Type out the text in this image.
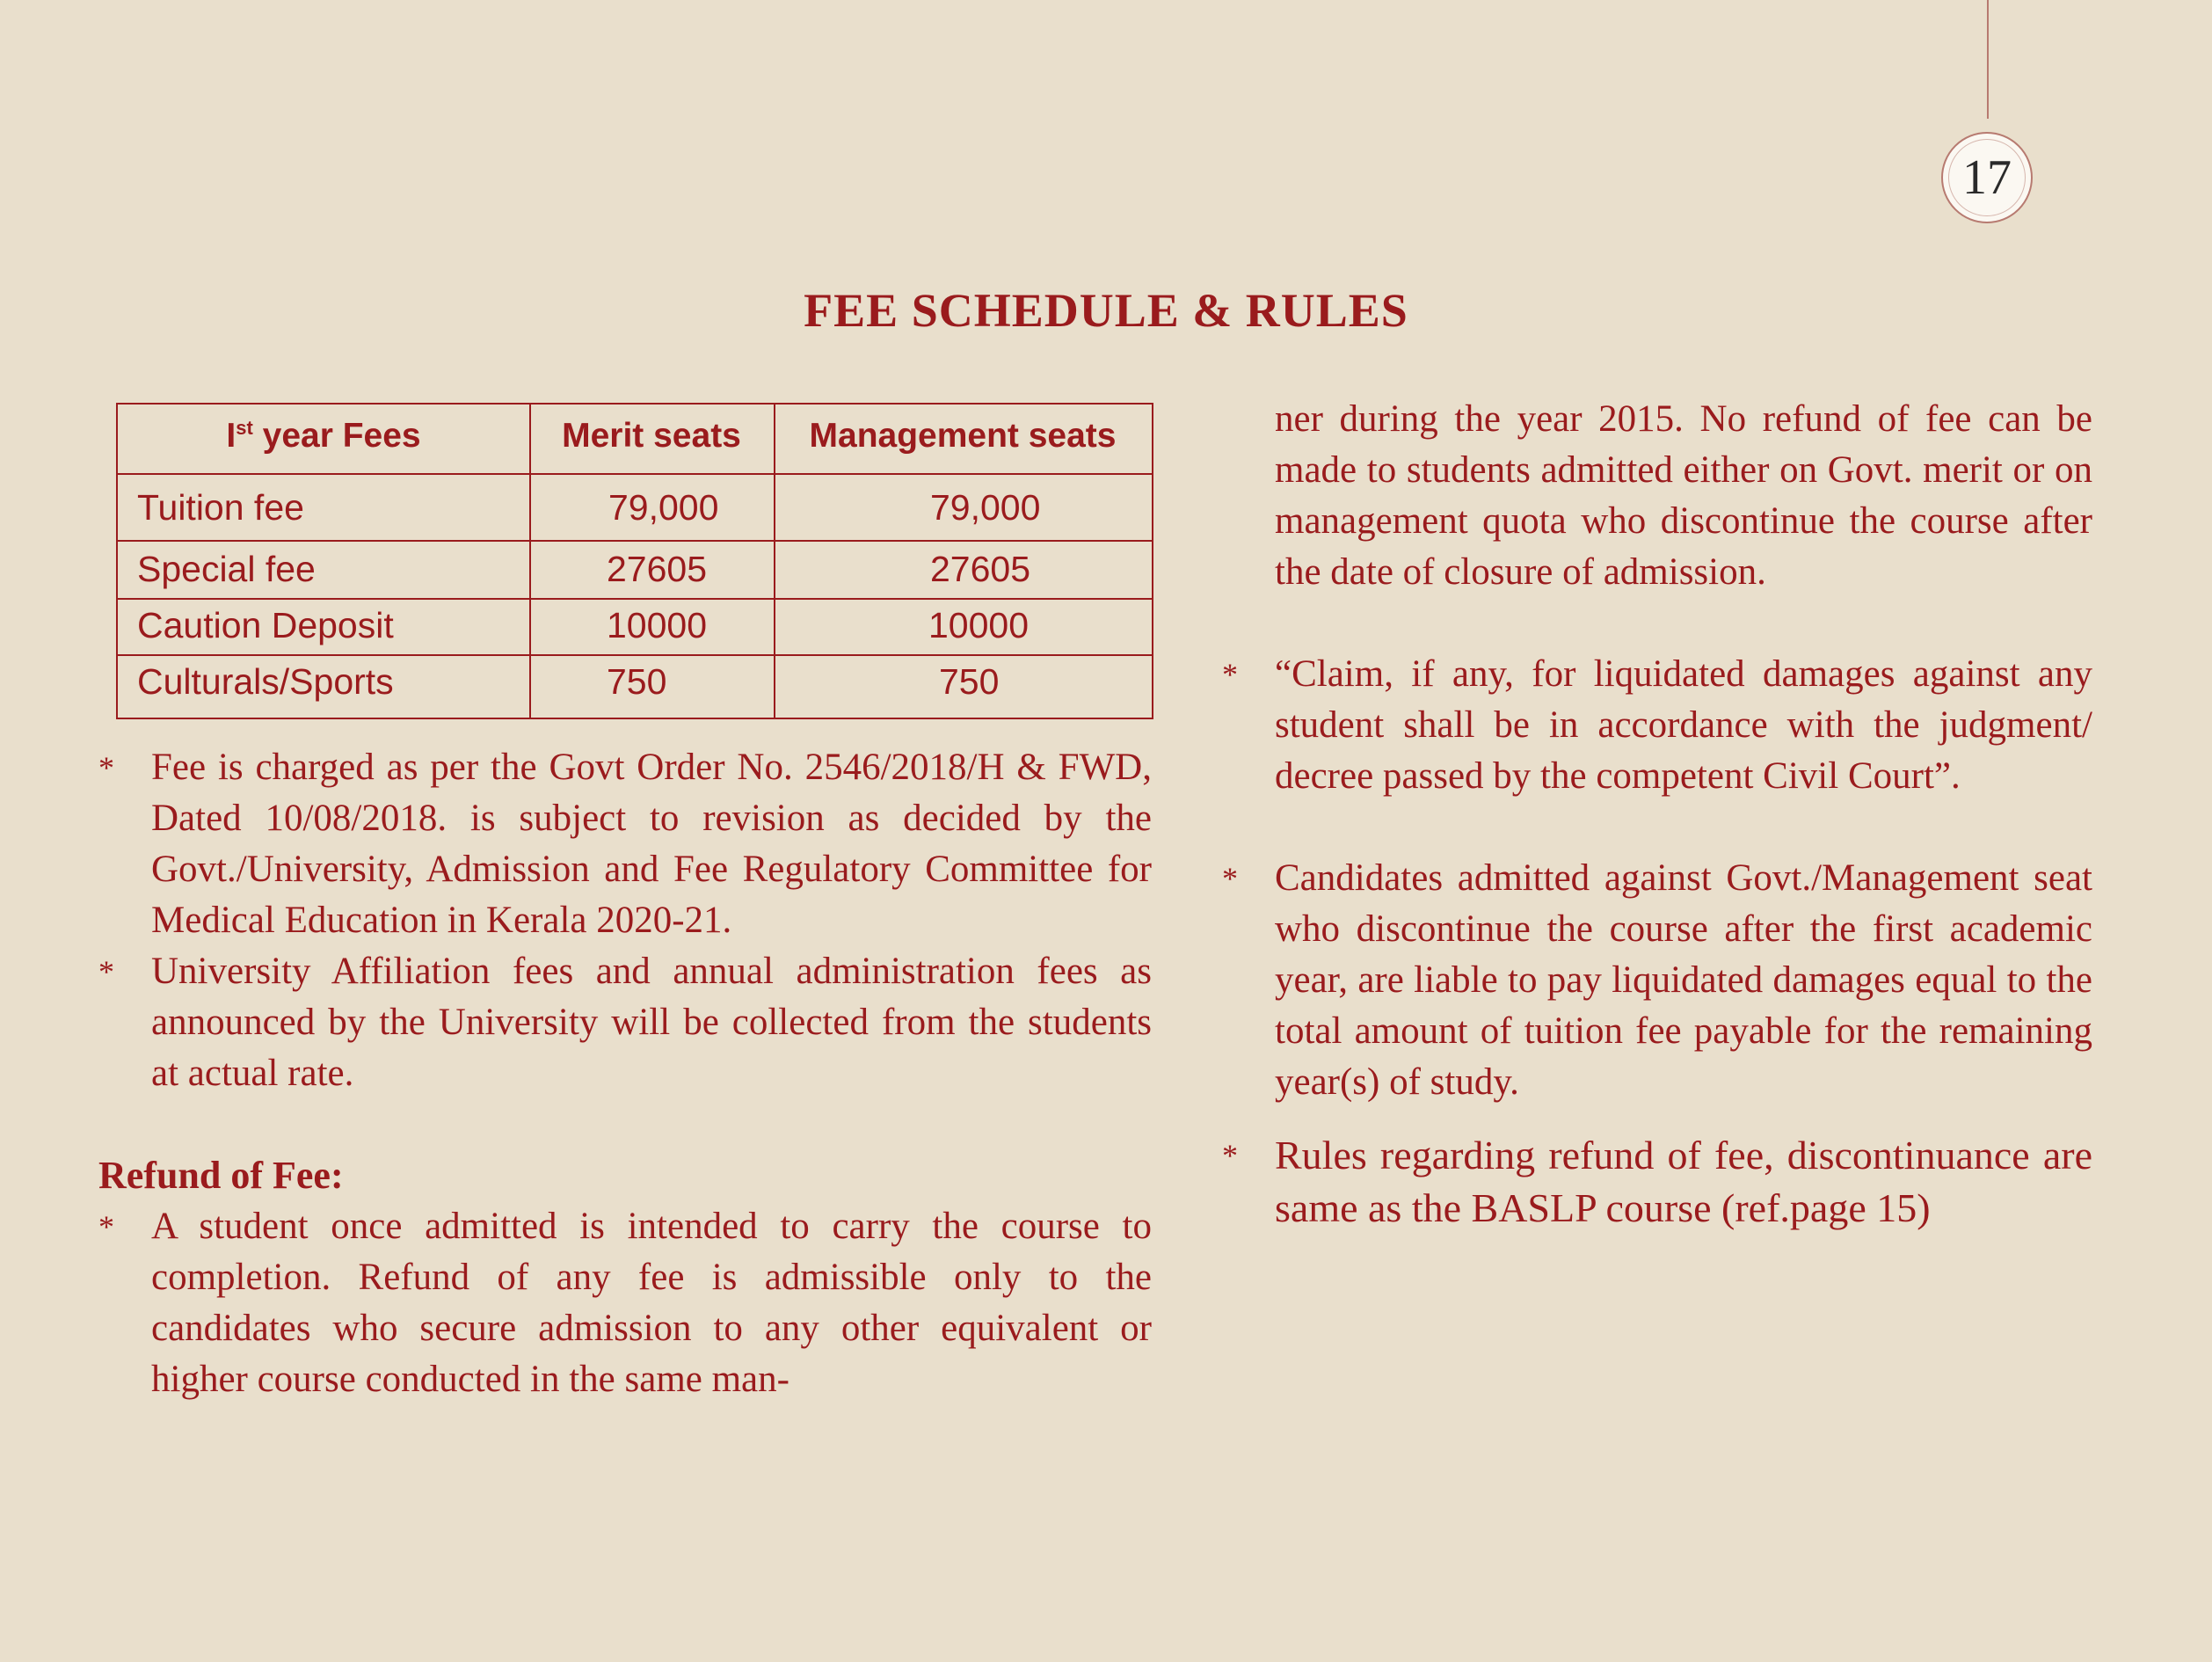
17
FEE SCHEDULE & RULES
Ist year Fees	Merit seats	Management seats
Tuition fee	79,000	79,000
Special fee	27605	27605
Caution Deposit	10000	10000
Culturals/Sports	750	750
* Fee is charged as per the Govt Order No. 2546/2018/H & FWD, Dated 10/08/2018. is subject to revision as decided by the Govt./University, Admission and Fee Regulatory Committee for Medical Education in Kerala 2020-21.
* University Affiliation fees and annual administration fees as announced by the University will be collected from the students at actual rate.
Refund of Fee:
* A student once admitted is intended to carry the course to completion. Refund of any fee is admissible only to the candidates who secure admission to any other equivalent or higher course conducted in the same man-
ner during the year 2015. No refund of fee can be made to students admitted either on Govt. merit or on management quota who discontinue the course after the date of closure of admission.
* “Claim, if any, for liquidated damages against any student shall be in accordance with the judgment/ decree passed by the competent Civil Court”.
* Candidates admitted against Govt./Management seat who discontinue the course after the first academic year, are liable to pay liquidated damages equal to the total amount of tuition fee payable for the remaining year(s) of study.
* Rules regarding refund of fee, discontinuance are same as the BASLP course (ref.page 15)
